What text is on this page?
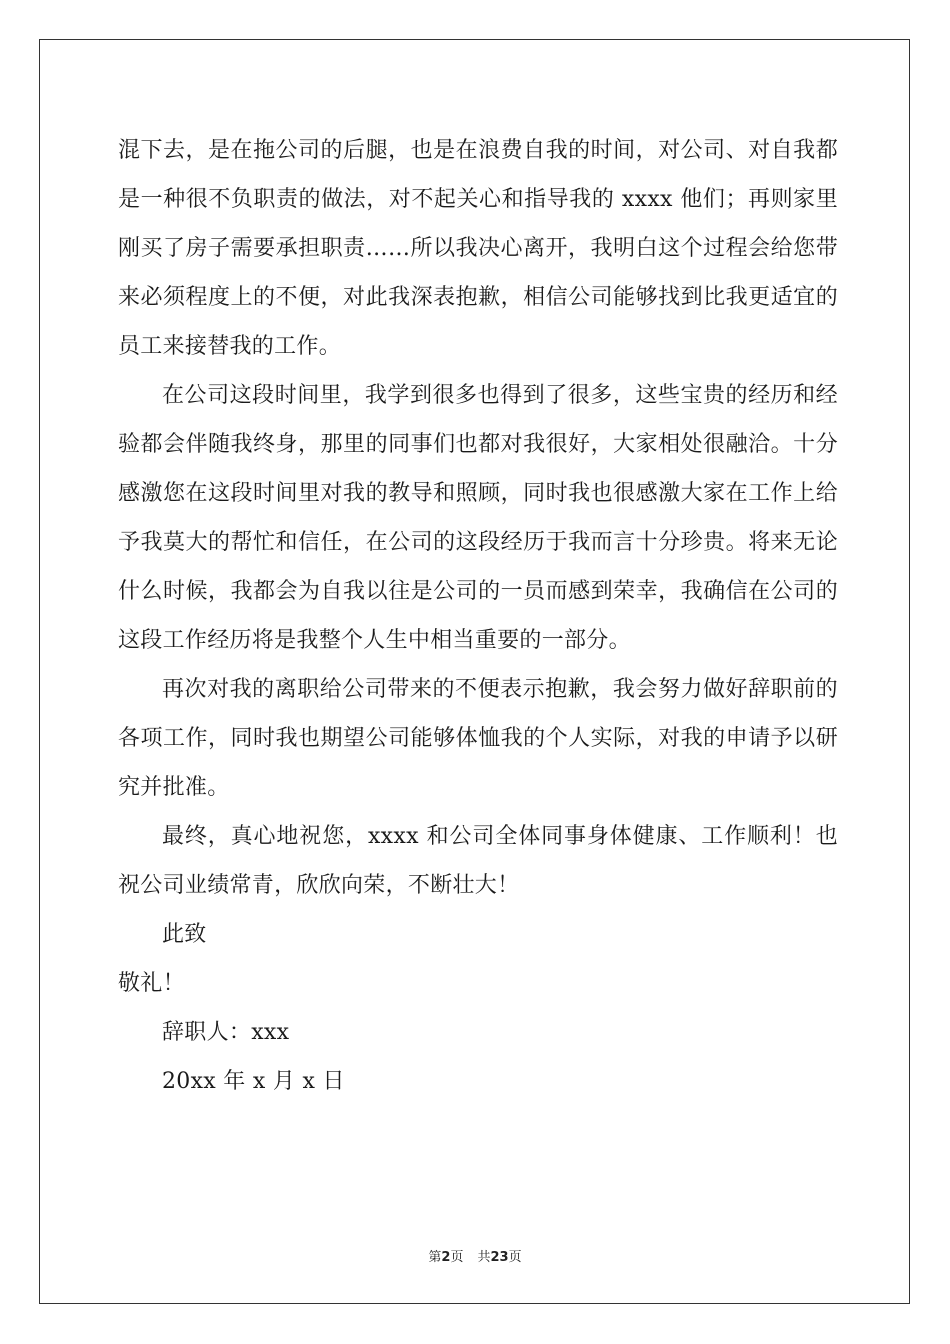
混下去，是在拖公司的后腿，也是在浪费自我的时间，对公司、对自我都是一种很不负职责的做法，对不起关心和指导我的 xxxx 他们；再则家里刚买了房子需要承担职责……所以我决心离开，我明白这个过程会给您带来必须程度上的不便，对此我深表抱歉，相信公司能够找到比我更适宜的员工来接替我的工作。

在公司这段时间里，我学到很多也得到了很多，这些宝贵的经历和经验都会伴随我终身，那里的同事们也都对我很好，大家相处很融洽。十分感激您在这段时间里对我的教导和照顾，同时我也很感激大家在工作上给予我莫大的帮忙和信任，在公司的这段经历于我而言十分珍贵。将来无论什么时候，我都会为自我以往是公司的一员而感到荣幸，我确信在公司的这段工作经历将是我整个人生中相当重要的一部分。

再次对我的离职给公司带来的不便表示抱歉，我会努力做好辞职前的各项工作，同时我也期望公司能够体恤我的个人实际，对我的申请予以研究并批准。

最终，真心地祝您，xxxx 和公司全体同事身体健康、工作顺利！也祝公司业绩常青，欣欣向荣，不断壮大！

此致

敬礼！

辞职人：xxx

20xx 年 x 月 x 日

第2页 共23页
